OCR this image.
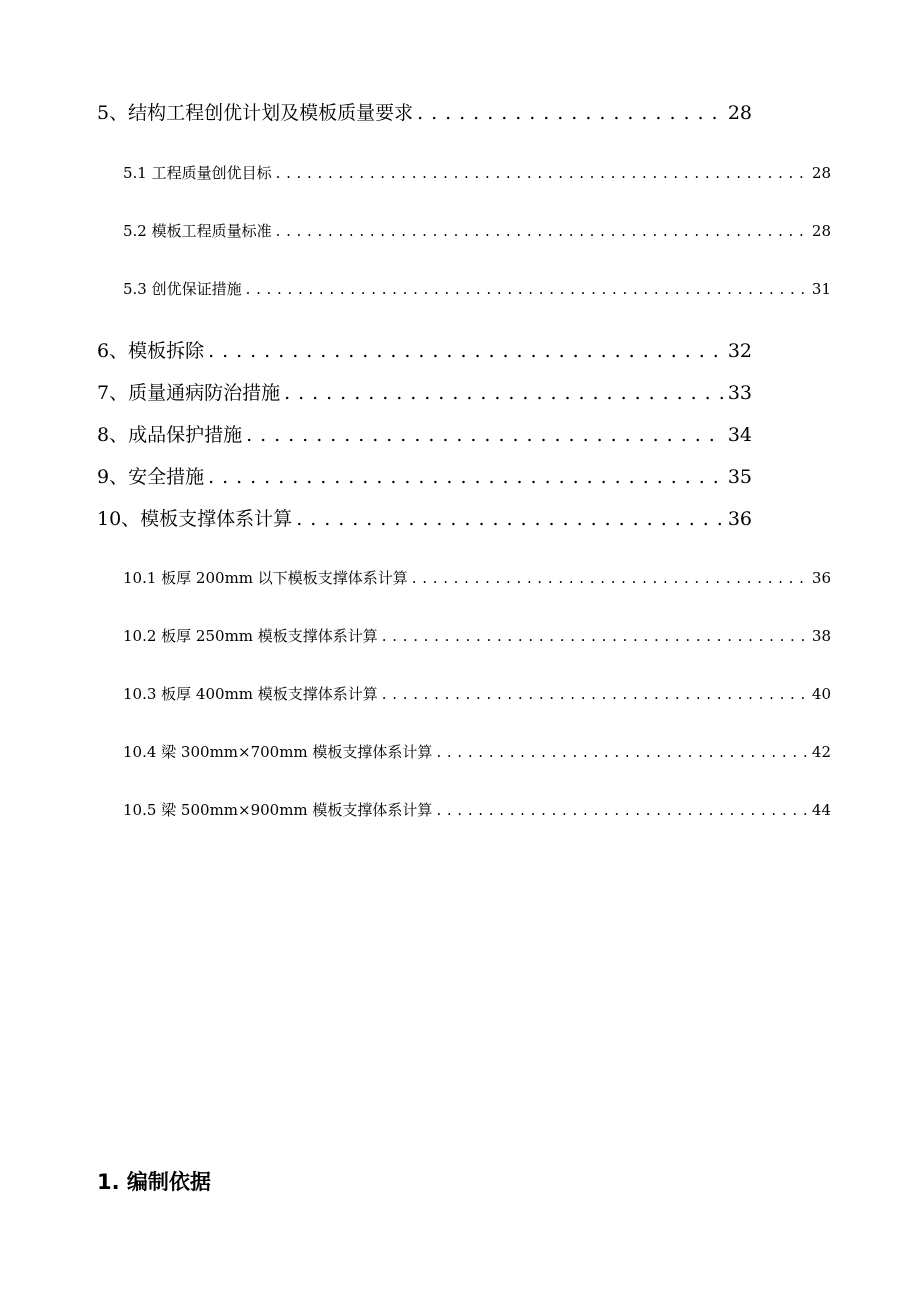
5、结构工程创优计划及模板质量要求 .....	28
5.1 工程质量创优目标 .....	28
5.2 模板工程质量标准 .....	28
5.3 创优保证措施 .....	31
6、模板拆除 .....	32
7、质量通病防治措施 .....	33
8、成品保护措施 .....	34
9、安全措施 .....	35
10、模板支撑体系计算 .....	36
10.1 板厚 200mm 以下模板支撑体系计算 .....	36
10.2 板厚 250mm 模板支撑体系计算 .....	38
10.3 板厚 400mm 模板支撑体系计算 .....	40
10.4 梁 300mm×700mm 模板支撑体系计算 .....	42
10.5 梁 500mm×900mm 模板支撑体系计算 .....	44
1. 编制依据
